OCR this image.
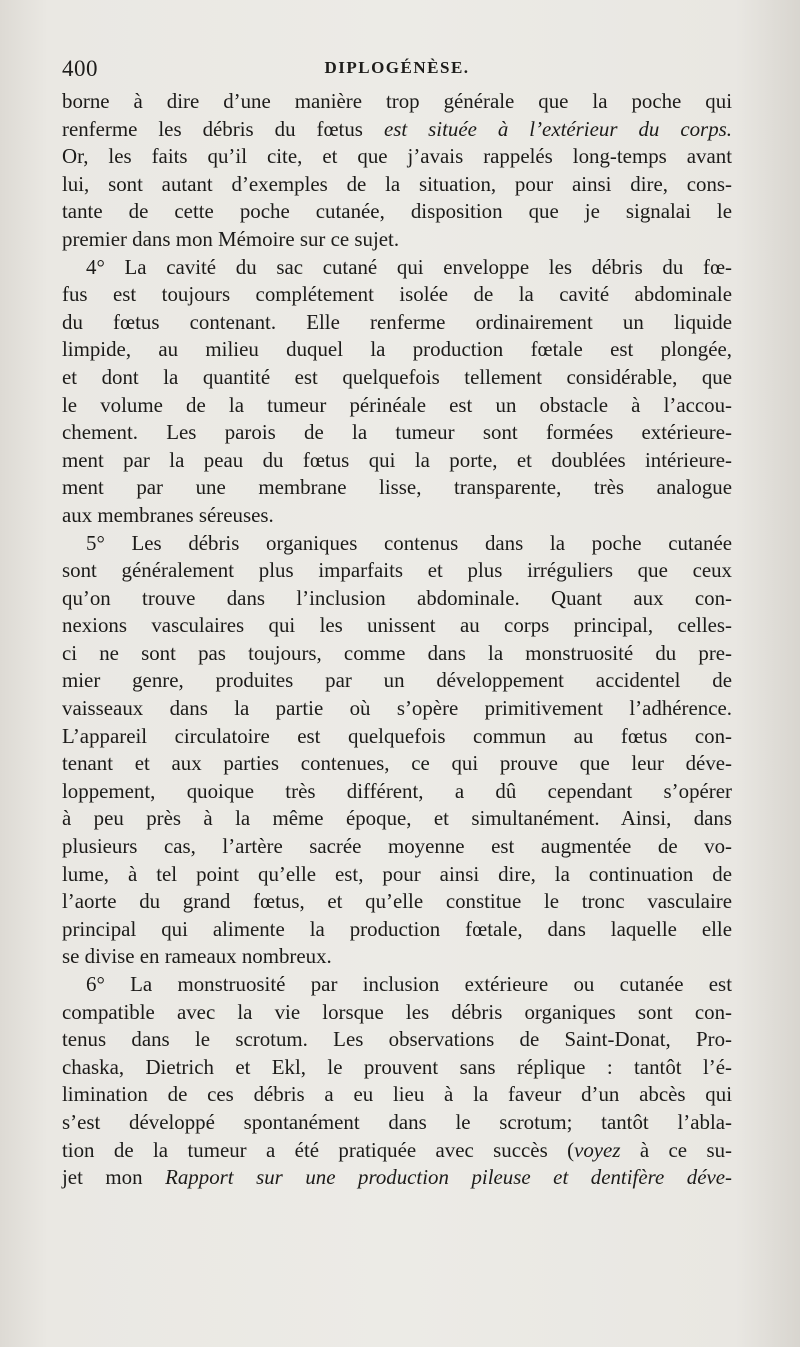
400	DIPLOGÉNÈSE.
borne à dire d’une manière trop générale que la poche qui
renferme les débris du fœtus est située à l’extérieur du corps.
Or, les faits qu’il cite, et que j’avais rappelés long-temps avant
lui, sont autant d’exemples de la situation, pour ainsi dire, cons-
tante de cette poche cutanée, disposition que je signalai le
premier dans mon Mémoire sur ce sujet.
4° La cavité du sac cutané qui enveloppe les débris du fœ-
fus est toujours complétement isolée de la cavité abdominale
du fœtus contenant. Elle renferme ordinairement un liquide
limpide, au milieu duquel la production fœtale est plongée,
et dont la quantité est quelquefois tellement considérable, que
le volume de la tumeur périnéale est un obstacle à l’accou-
chement. Les parois de la tumeur sont formées extérieure-
ment par la peau du fœtus qui la porte, et doublées intérieure-
ment par une membrane lisse, transparente, très analogue
aux membranes séreuses.
5° Les débris organiques contenus dans la poche cutanée
sont généralement plus imparfaits et plus irréguliers que ceux
qu’on trouve dans l’inclusion abdominale. Quant aux con-
nexions vasculaires qui les unissent au corps principal, celles-
ci ne sont pas toujours, comme dans la monstruosité du pre-
mier genre, produites par un développement accidentel de
vaisseaux dans la partie où s’opère primitivement l’adhérence.
L’appareil circulatoire est quelquefois commun au fœtus con-
tenant et aux parties contenues, ce qui prouve que leur déve-
loppement, quoique très différent, a dû cependant s’opérer
à peu près à la même époque, et simultanément. Ainsi, dans
plusieurs cas, l’artère sacrée moyenne est augmentée de vo-
lume, à tel point qu’elle est, pour ainsi dire, la continuation de
l’aorte du grand fœtus, et qu’elle constitue le tronc vasculaire
principal qui alimente la production fœtale, dans laquelle elle
se divise en rameaux nombreux.
6° La monstruosité par inclusion extérieure ou cutanée est
compatible avec la vie lorsque les débris organiques sont con-
tenus dans le scrotum. Les observations de Saint-Donat, Pro-
chaska, Dietrich et Ekl, le prouvent sans réplique : tantôt l’é-
limination de ces débris a eu lieu à la faveur d’un abcès qui
s’est développé spontanément dans le scrotum; tantôt l’abla-
tion de la tumeur a été pratiquée avec succès (voyez à ce su-
jet mon Rapport sur une production pileuse et dentifère déve-
